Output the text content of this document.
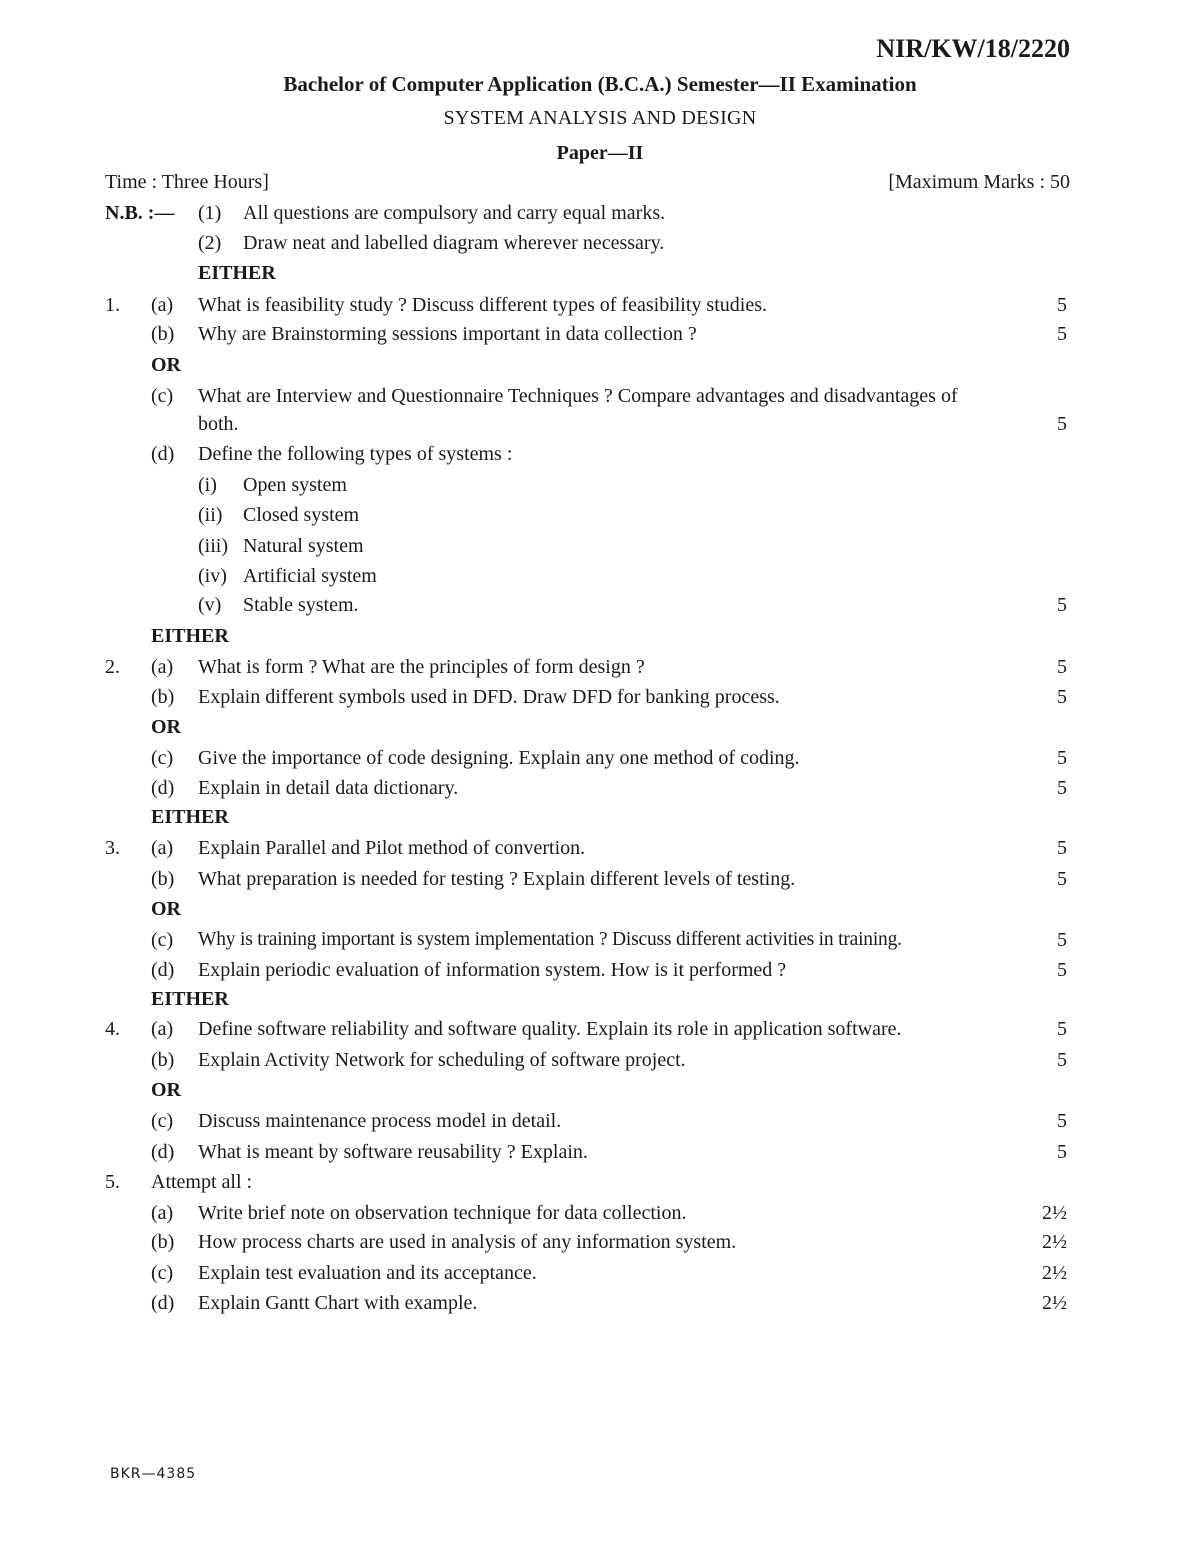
NIR/KW/18/2220
Bachelor of Computer Application (B.C.A.) Semester—II Examination
SYSTEM ANALYSIS AND DESIGN
Paper—II
Time : Three Hours]	[Maximum Marks : 50
N.B. :— (1) All questions are compulsory and carry equal marks.
(2) Draw neat and labelled diagram wherever necessary.
EITHER
1. (a) What is feasibility study ? Discuss different types of feasibility studies.	5
(b) Why are Brainstorming sessions important in data collection ?	5
OR
(c) What are Interview and Questionnaire Techniques ? Compare advantages and disadvantages of
both.	5
(d) Define the following types of systems :
(i) Open system
(ii) Closed system
(iii) Natural system
(iv) Artificial system
(v) Stable system.	5
EITHER
2. (a) What is form ? What are the principles of form design ?	5
(b) Explain different symbols used in DFD. Draw DFD for banking process.	5
OR
(c) Give the importance of code designing. Explain any one method of coding.	5
(d) Explain in detail data dictionary.	5
EITHER
3. (a) Explain Parallel and Pilot method of convertion.	5
(b) What preparation is needed for testing ? Explain different levels of testing.	5
OR
(c) Why is training important is system implementation ? Discuss different activities in training.	5
(d) Explain periodic evaluation of information system. How is it performed ?	5
EITHER
4. (a) Define software reliability and software quality. Explain its role in application software.	5
(b) Explain Activity Network for scheduling of software project.	5
OR
(c) Discuss maintenance process model in detail.	5
(d) What is meant by software reusability ? Explain.	5
5. Attempt all :
(a) Write brief note on observation technique for data collection.	2½
(b) How process charts are used in analysis of any information system.	2½
(c) Explain test evaluation and its acceptance.	2½
(d) Explain Gantt Chart with example.	2½
BKR—4385
